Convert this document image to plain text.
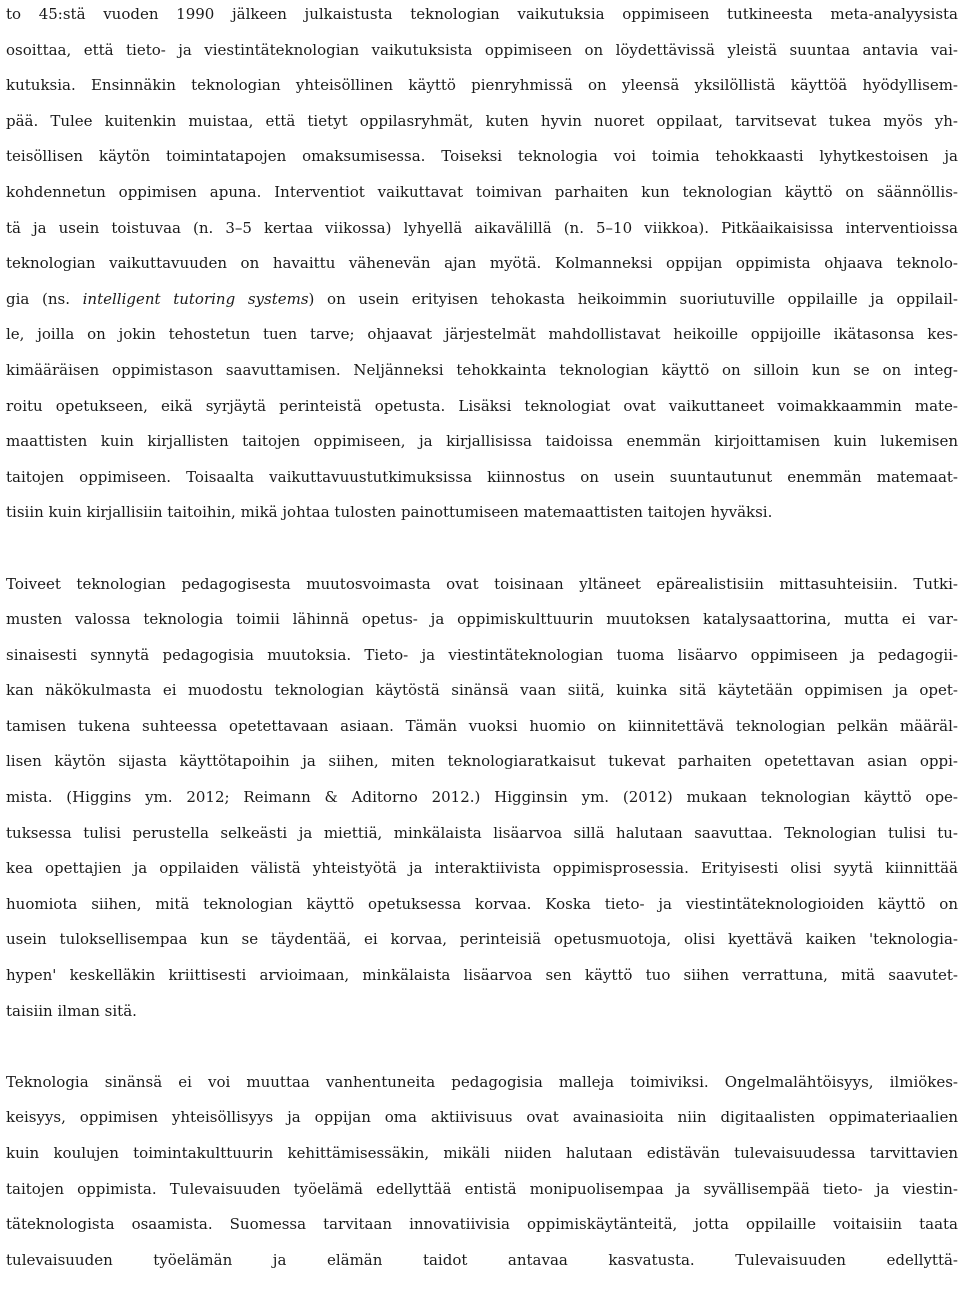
to 45:stä vuoden 1990 jälkeen julkaistusta teknologian vaikutuksia oppimiseen tutkineesta meta-analyysista
osoittaa, että tieto- ja viestintäteknologian vaikutuksista oppimiseen on löydettävissä yleistä suuntaa antavia vai-
kutuksia. Ensinnäkin teknologian yhteisöllinen käyttö pienryhmissä on yleensä yksilöllistä käyttöä hyödyllisem-
pää. Tulee kuitenkin muistaa, että tietyt oppilasryhmät, kuten hyvin nuoret oppilaat, tarvitsevat tukea myös yh-
teisöllisen käytön toimintatapojen omaksumisessa. Toiseksi teknologia voi toimia tehokkaasti lyhytkestoisen ja
kohdennetun oppimisen apuna. Interventiot vaikuttavat toimivan parhaiten kun teknologian käyttö on säännöllis-
tä ja usein toistuvaa (n. 3–5 kertaa viikossa) lyhyellä aikavälillä (n. 5–10 viikkoa). Pitkäaikaisissa interventioissa
teknologian vaikuttavuuden on havaittu vähenevän ajan myötä. Kolmanneksi oppijan oppimista ohjaava teknolo-
gia (ns. intelligent tutoring systems) on usein erityisen tehokasta heikoimmin suoriutuville oppilaille ja oppilail-
le, joilla on jokin tehostetun tuen tarve; ohjaavat järjestelmät mahdollistavat heikoille oppijoille ikätasonsa kes-
kimääräisen oppimistason saavuttamisen. Neljänneksi tehokkainta teknologian käyttö on silloin kun se on integ-
roitu opetukseen, eikä syrjäytä perinteistä opetusta. Lisäksi teknologiat ovat vaikuttaneet voimakkaammin mate-
maattisten kuin kirjallisten taitojen oppimiseen, ja kirjallisissa taidoissa enemmän kirjoittamisen kuin lukemisen
taitojen oppimiseen. Toisaalta vaikuttavuustutkimuksissa kiinnostus on usein suuntautunut enemmän matemaat-
tisiin kuin kirjallisiin taitoihin, mikä johtaa tulosten painottumiseen matemaattisten taitojen hyväksi.
Toiveet teknologian pedagogisesta muutosvoimasta ovat toisinaan yltäneet epärealistisiin mittasuhteisiin. Tutki-
musten valossa teknologia toimii lähinnä opetus- ja oppimiskulttuurin muutoksen katalysaattorina, mutta ei var-
sinaisesti synnytä pedagogisia muutoksia. Tieto- ja viestintäteknologian tuoma lisäarvo oppimiseen ja pedagogii-
kan näkökulmasta ei muodostu teknologian käytöstä sinänsä vaan siitä, kuinka sitä käytetään oppimisen ja opet-
tamisen tukena suhteessa opetettavaan asiaan. Tämän vuoksi huomio on kiinnitettävä teknologian pelkän määräl-
lisen käytön sijasta käyttötapoihin ja siihen, miten teknologiaratkaisut tukevat parhaiten opetettavan asian oppi-
mista. (Higgins ym. 2012; Reimann & Aditorno 2012.) Higginsin ym. (2012) mukaan teknologian käyttö ope-
tuksessa tulisi perustella selkeästi ja miettiä, minkälaista lisäarvoa sillä halutaan saavuttaa. Teknologian tulisi tu-
kea opettajien ja oppilaiden välistä yhteistyötä ja interaktiivista oppimisprosessia. Erityisesti olisi syytä kiinnittää
huomiota siihen, mitä teknologian käyttö opetuksessa korvaa. Koska tieto- ja viestintäteknologioiden käyttö on
usein tuloksellisempaa kun se täydentää, ei korvaa, perinteisiä opetusmuotoja, olisi kyettävä kaiken 'teknologia-
hypen' keskelläkin kriittisesti arvioimaan, minkälaista lisäarvoa sen käyttö tuo siihen verrattuna, mitä saavutet-
taisiin ilman sitä.
Teknologia sinänsä ei voi muuttaa vanhentuneita pedagogisia malleja toimiviksi. Ongelmalähtöisyys, ilmiökes-
keisyys, oppimisen yhteisöllisyys ja oppijan oma aktiivisuus ovat avainasioita niin digitaalisten oppimateriaalien
kuin koulujen toimintakulttuurin kehittämisessäkin, mikäli niiden halutaan edistävän tulevaisuudessa tarvittavien
taitojen oppimista. Tulevaisuuden työelämä edellyttää entistä monipuolisempaa ja syvällisempää tieto- ja viestin-
täteknologista osaamista. Suomessa tarvitaan innovatiivisia oppimiskäytänteitä, jotta oppilaille voitaisiin taata
tulevaisuuden työelämän ja elämän taidot antavaa kasvatusta. Tulevaisuuden edellyttä-
